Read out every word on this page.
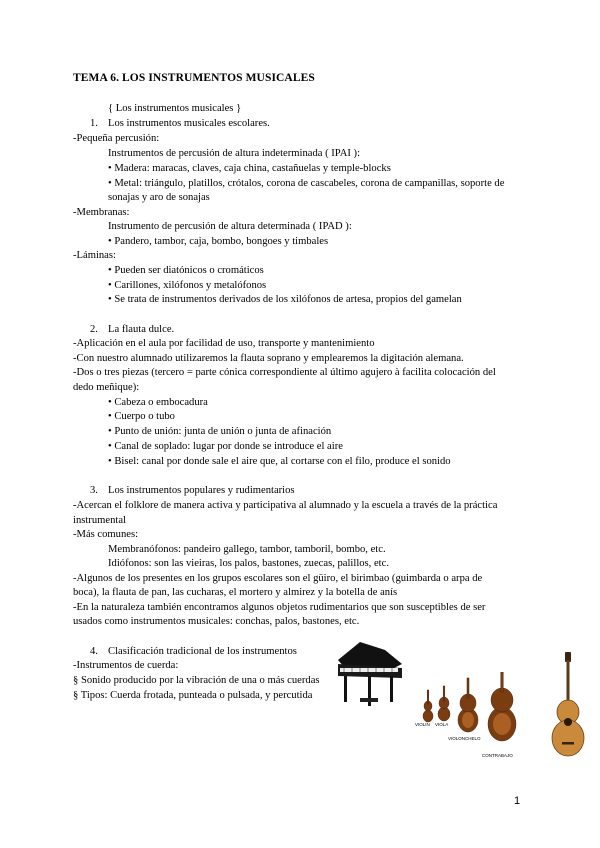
TEMA 6. LOS INSTRUMENTOS MUSICALES
{ Los instrumentos musicales }
1. Los instrumentos musicales escolares.
-Pequeña percusión:
Instrumentos de percusión de altura indeterminada ( IPAI ):
• Madera: maracas, claves, caja china, castañuelas y temple-blocks
• Metal: triángulo, platillos, crótalos, corona de cascabeles, corona de campanillas, soporte de
sonajas y aro de sonajas
-Membranas:
Instrumento de percusión de altura determinada ( IPAD ):
• Pandero, tambor, caja, bombo, bongoes y timbales
-Láminas:
• Pueden ser diatónicos o cromáticos
• Carillones, xilófonos y metalófonos
• Se trata de instrumentos derivados de los xilófonos de artesa, propios del gamelan
2. La flauta dulce.
-Aplicación en el aula por facilidad de uso, transporte y mantenimiento
-Con nuestro alumnado utilizaremos la flauta soprano y emplearemos la digitación alemana.
-Dos o tres piezas (tercero = parte cónica correspondiente al último agujero à facilita colocación del
dedo meñique):
• Cabeza o embocadura
• Cuerpo o tubo
• Punto de unión: junta de unión o junta de afinación
• Canal de soplado: lugar por donde se introduce el aire
• Bisel: canal por donde sale el aire que, al cortarse con el filo, produce el sonido
3. Los instrumentos populares y rudimentarios
-Acercan el folklore de manera activa y participativa al alumnado y la escuela a través de la práctica
instrumental
-Más comunes:
Membranófonos: pandeiro gallego, tambor, tamboril, bombo, etc.
Idiófonos: son las vieiras, los palos, bastones, zuecas, palillos, etc.
-Algunos de los presentes en los grupos escolares son el güiro, el birimbao (guimbarda o arpa de
boca), la flauta de pan, las cucharas, el mortero y almirez y la botella de anís
-En la naturaleza también encontramos algunos objetos rudimentarios que son susceptibles de ser
usados como instrumentos musicales: conchas, palos, bastones, etc.
4. Clasificación tradicional de los instrumentos
-Instrumentos de cuerda:
§ Sonido producido por la vibración de una o más cuerdas
§ Tipos: Cuerda frotada, punteada o pulsada, y percutida
VIOLIN VIOLA
VIOLONCHELO
CONTRABAJO
1
